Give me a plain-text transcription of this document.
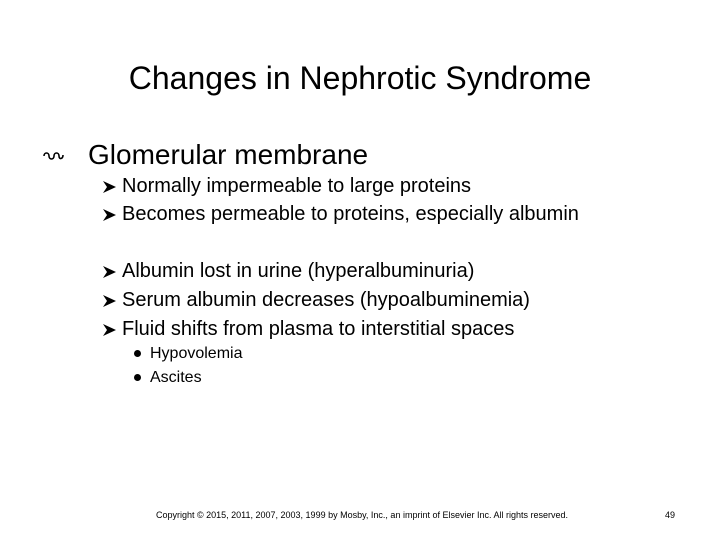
Changes in Nephrotic Syndrome
Glomerular membrane
Normally impermeable to large proteins
Becomes permeable to proteins, especially albumin
Albumin lost in urine (hyperalbuminuria)
Serum albumin decreases (hypoalbuminemia)
Fluid shifts from plasma to interstitial spaces
Hypovolemia
Ascites
Copyright © 2015, 2011, 2007, 2003, 1999 by Mosby, Inc., an imprint of Elsevier Inc. All rights reserved.	49
